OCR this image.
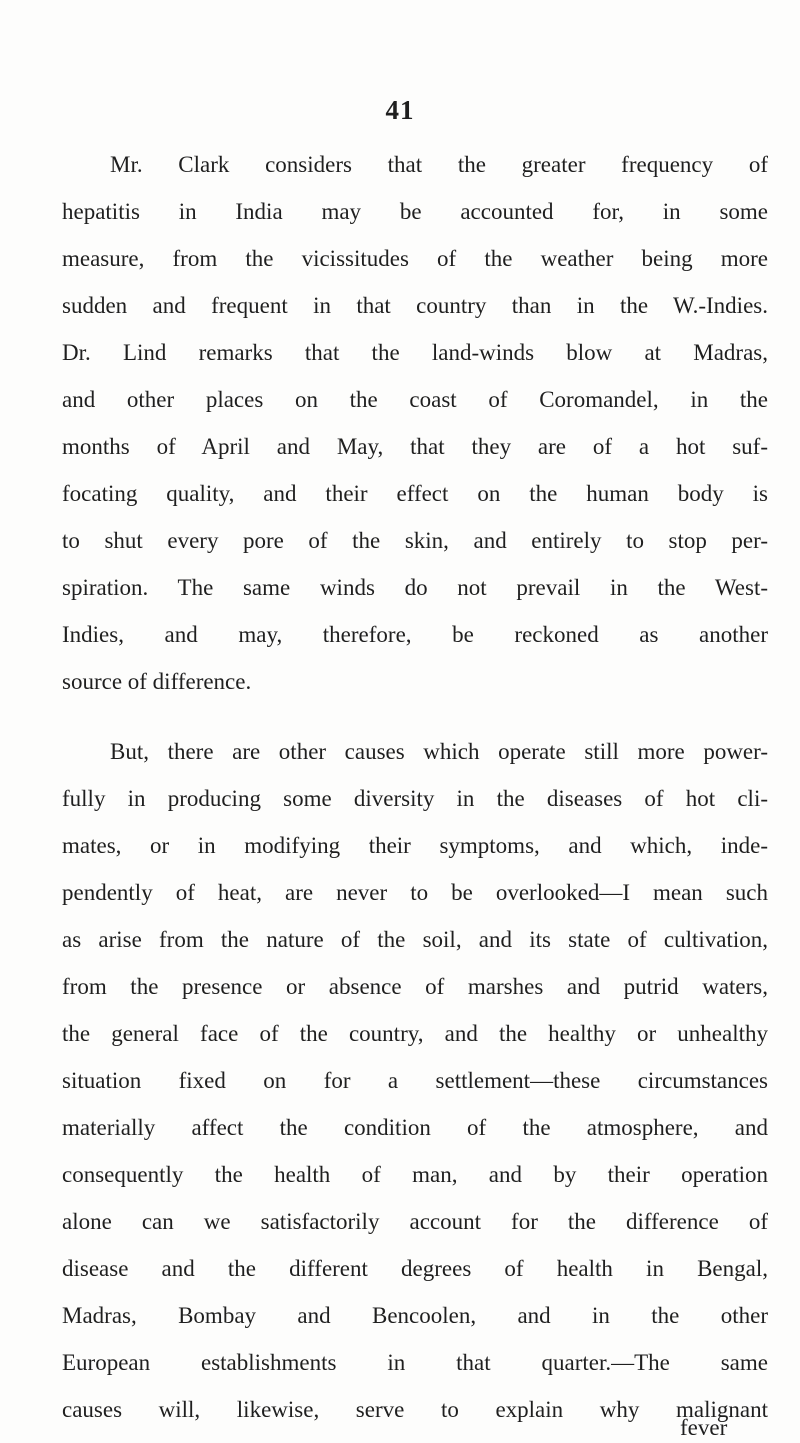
41
Mr. Clark considers that the greater frequency of
hepatitis in India may be accounted for, in some
measure, from the vicissitudes of the weather being more
sudden and frequent in that country than in the W.-Indies.
Dr. Lind remarks that the land-winds blow at Madras,
and other places on the coast of Coromandel, in the
months of April and May, that they are of a hot suf-
focating quality, and their effect on the human body is
to shut every pore of the skin, and entirely to stop per-
spiration. The same winds do not prevail in the West-
Indies, and may, therefore, be reckoned as another
source of difference.
But, there are other causes which operate still more power-
fully in producing some diversity in the diseases of hot cli-
mates, or in modifying their symptoms, and which, inde-
pendently of heat, are never to be overlooked—I mean such
as arise from the nature of the soil, and its state of cultivation,
from the presence or absence of marshes and putrid waters,
the general face of the country, and the healthy or unhealthy
situation fixed on for a settlement—these circumstances
materially affect the condition of the atmosphere, and
consequently the health of man, and by their operation
alone can we satisfactorily account for the difference of
disease and the different degrees of health in Bengal,
Madras, Bombay and Bencoolen, and in the other
European establishments in that quarter.—The same
causes will, likewise, serve to explain why malignant
fever
